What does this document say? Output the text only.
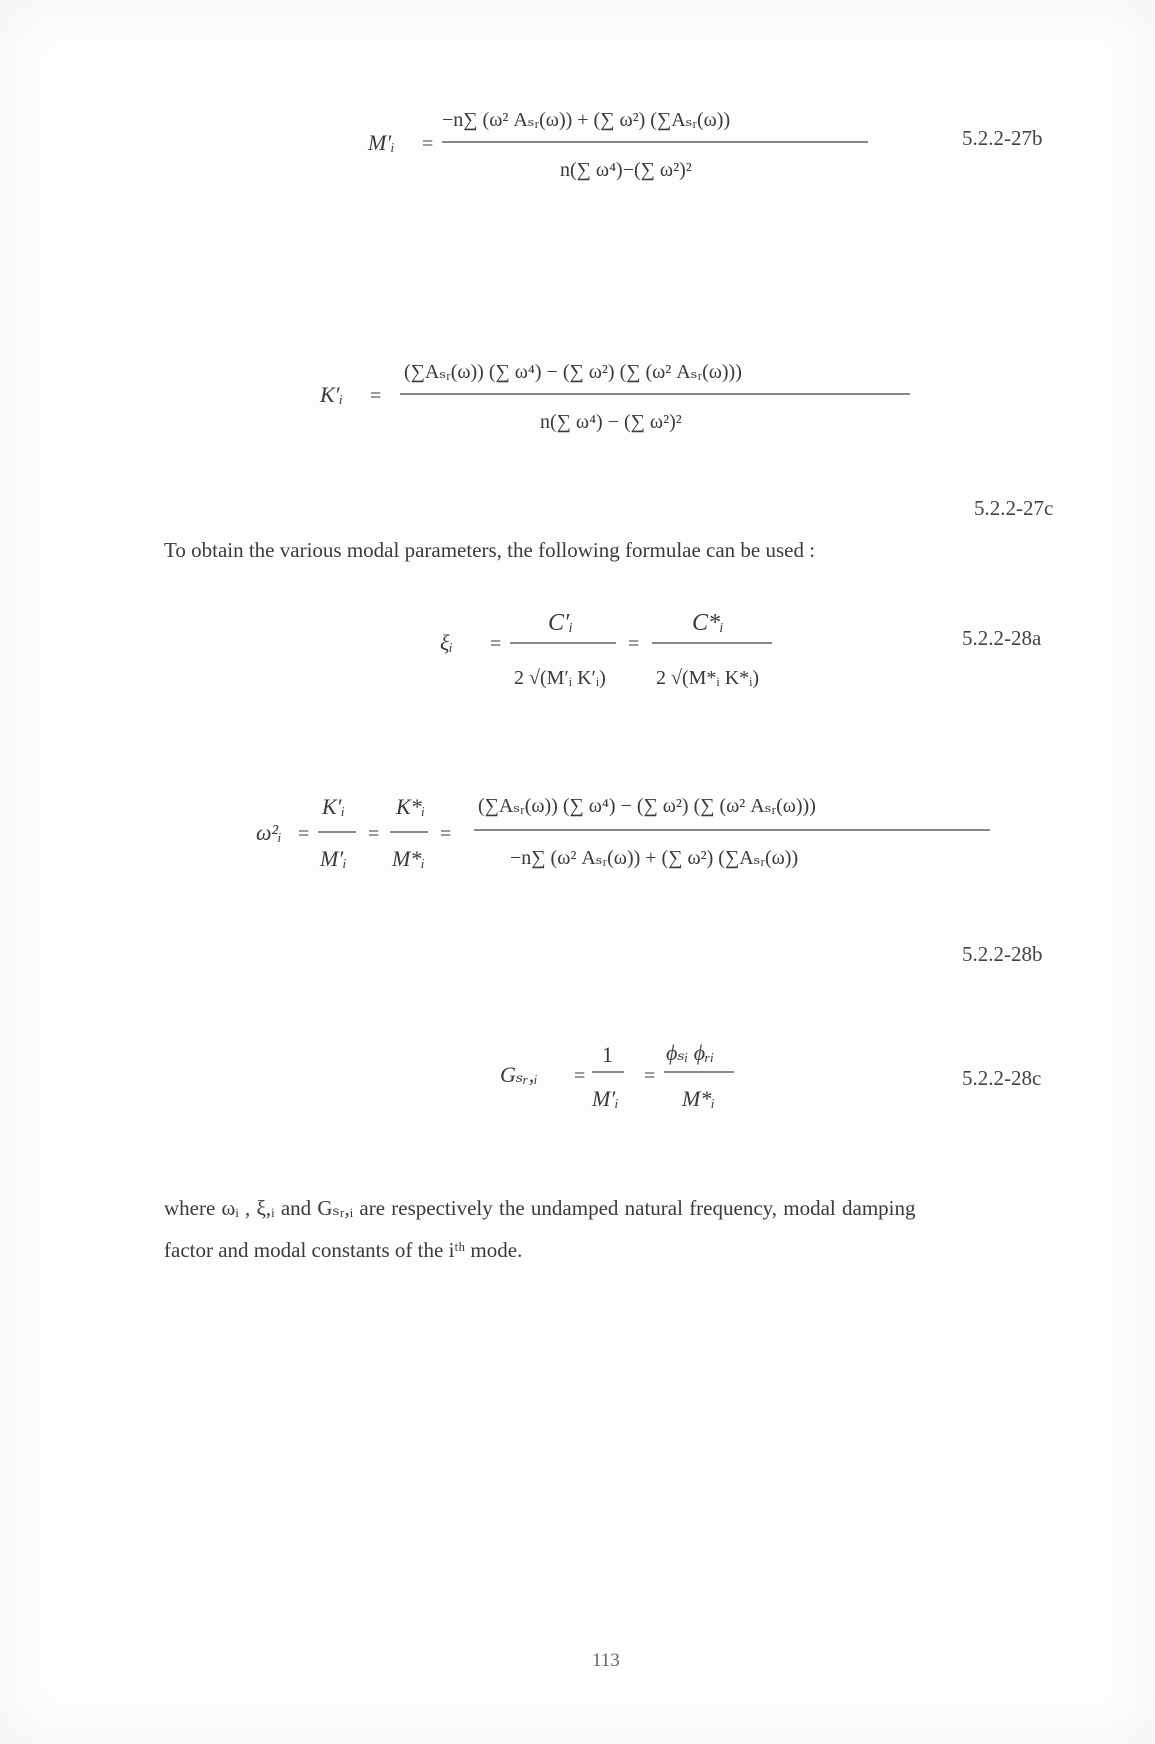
M′ᵢ =
−n∑ (ω² Aₛᵣ(ω)) + (∑ ω²) (∑Aₛᵣ(ω))
n(∑ ω⁴)−(∑ ω²)²
K′ᵢ =
(∑Aₛᵣ(ω)) (∑ ω⁴) − (∑ ω²) (∑ (ω² Aₛᵣ(ω)))
n(∑ ω⁴) − (∑ ω²)²
ξᵢ =
C′ᵢ
2 √(M′ᵢ K′ᵢ)
=
C*ᵢ
2 √(M*ᵢ K*ᵢ)
ω²ᵢ =
K′ᵢ
M′ᵢ
=
K*ᵢ
M*ᵢ
=
(∑Aₛᵣ(ω)) (∑ ω⁴) − (∑ ω²) (∑ (ω² Aₛᵣ(ω)))
−n∑ (ω² Aₛᵣ(ω)) + (∑ ω²) (∑Aₛᵣ(ω))
Gₛᵣ,ᵢ =
1
M′ᵢ
=
ϕₛᵢ ϕᵣᵢ
M*ᵢ
5.2.2-27b
5.2.2-27c
5.2.2-28a
5.2.2-28b
5.2.2-28c
To obtain the various modal parameters, the following formulae can be used :
where ωᵢ , ξ,ᵢ and Gₛᵣ,ᵢ are respectively the undamped natural frequency, modal damping
factor and modal constants of the iᵗʰ mode.
113
